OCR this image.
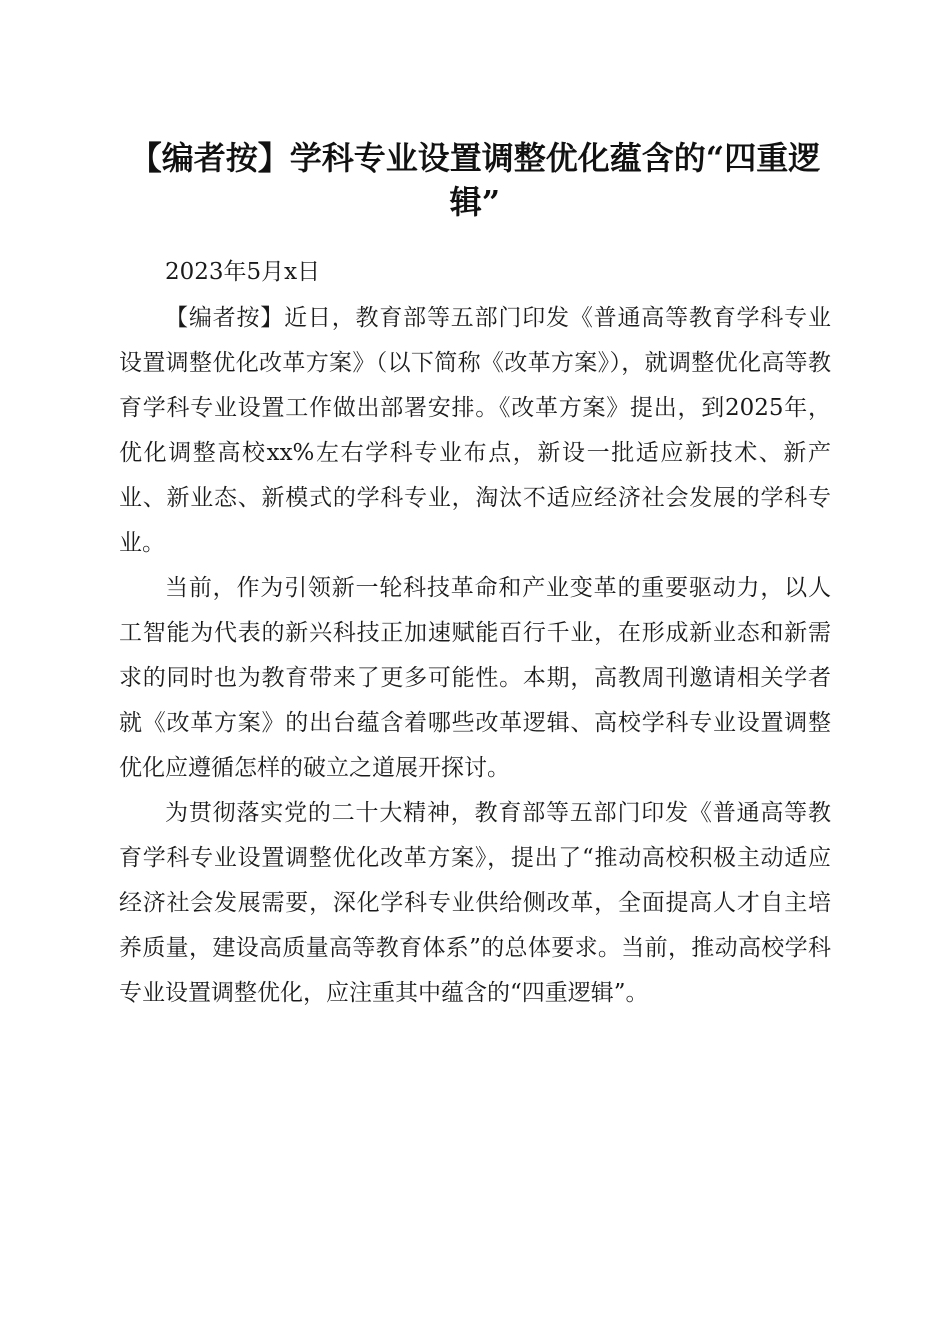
【编者按】学科专业设置调整优化蕴含的“四重逻辑”

2023年5月x日

【编者按】近日，教育部等五部门印发《普通高等教育学科专业设置调整优化改革方案》（以下简称《改革方案》），就调整优化高等教育学科专业设置工作做出部署安排。《改革方案》提出，到2025年，优化调整高校xx%左右学科专业布点，新设一批适应新技术、新产业、新业态、新模式的学科专业，淘汰不适应经济社会发展的学科专业。

当前，作为引领新一轮科技革命和产业变革的重要驱动力，以人工智能为代表的新兴科技正加速赋能百行千业，在形成新业态和新需求的同时也为教育带来了更多可能性。本期，高教周刊邀请相关学者就《改革方案》的出台蕴含着哪些改革逻辑、高校学科专业设置调整优化应遵循怎样的破立之道展开探讨。

为贯彻落实党的二十大精神，教育部等五部门印发《普通高等教育学科专业设置调整优化改革方案》，提出了“推动高校积极主动适应经济社会发展需要，深化学科专业供给侧改革，全面提高人才自主培养质量，建设高质量高等教育体系”的总体要求。当前，推动高校学科专业设置调整优化，应注重其中蕴含的“四重逻辑”。
